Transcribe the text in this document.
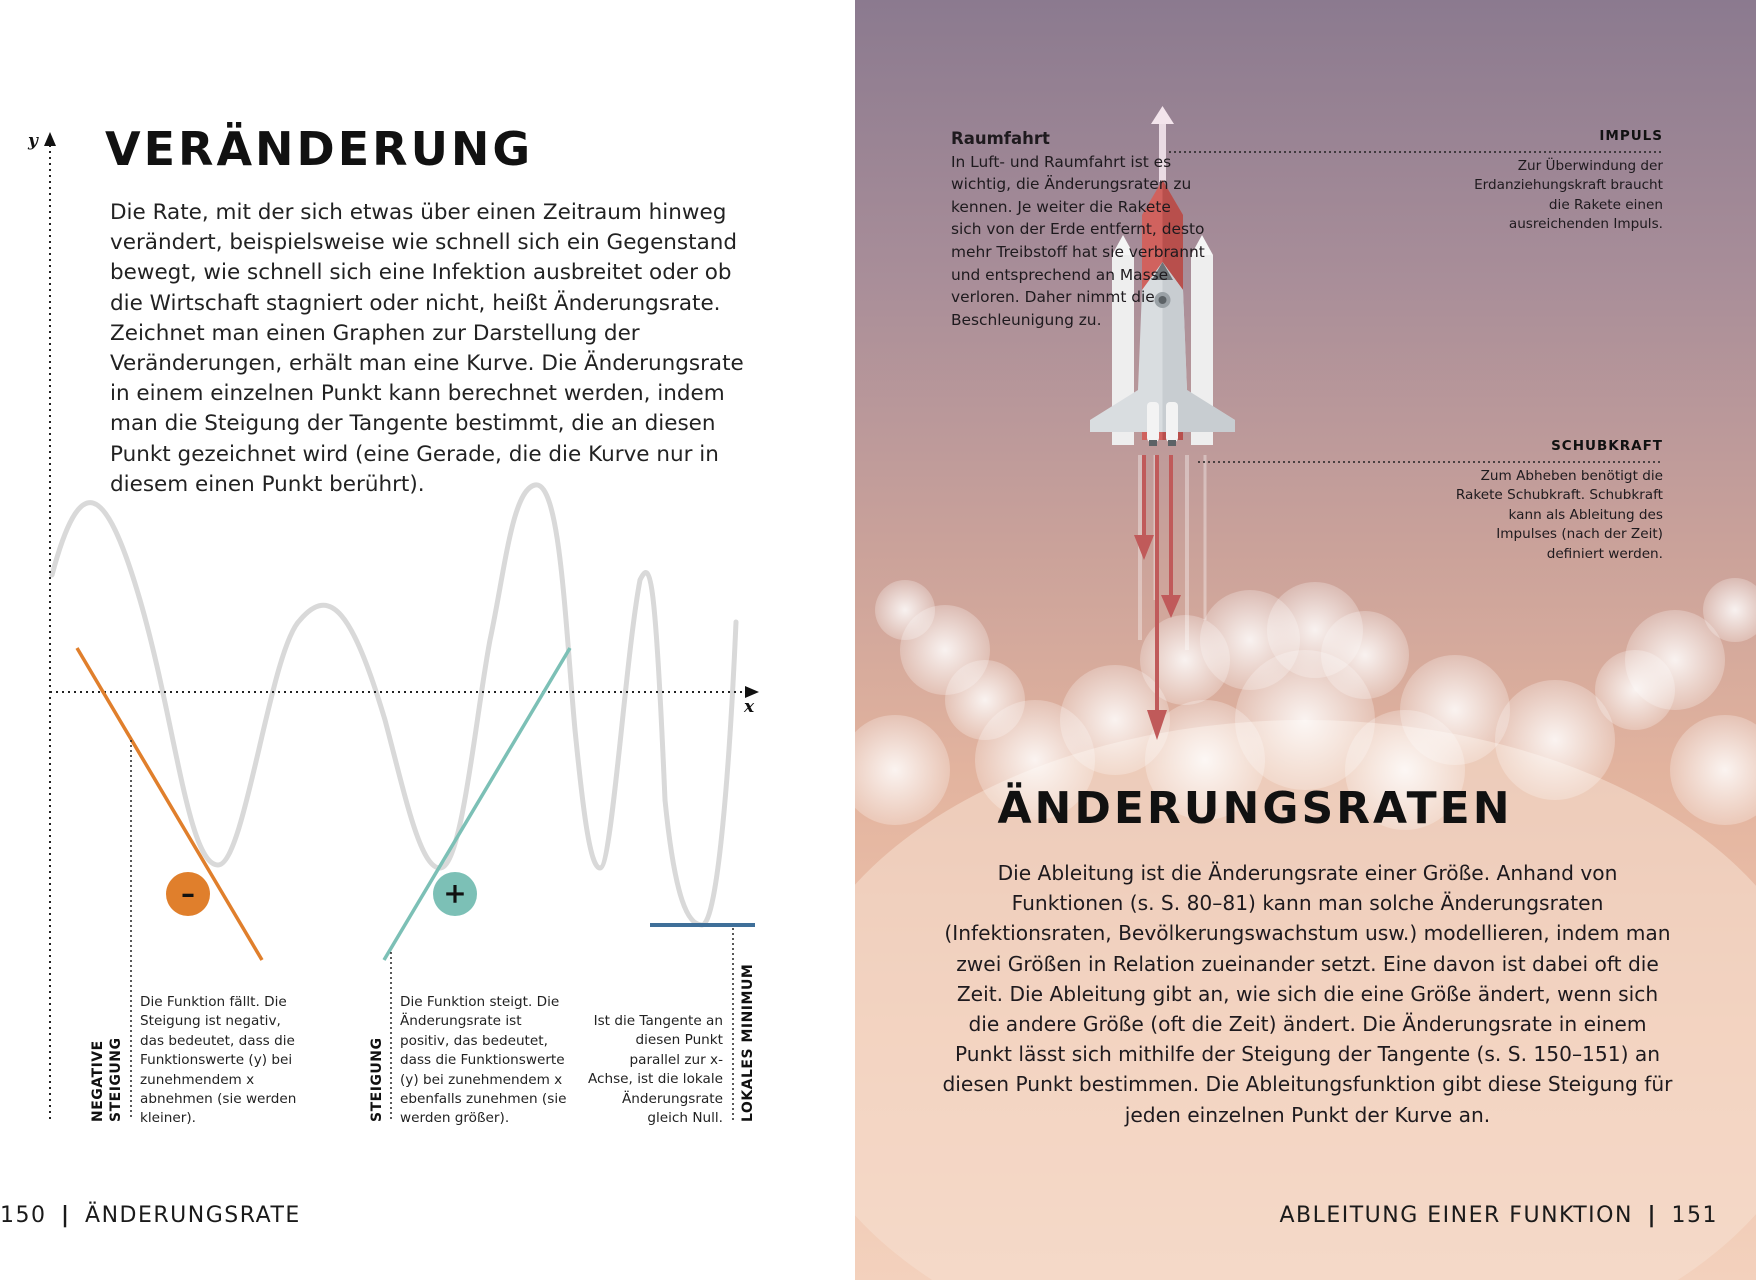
y
x
–	+
VERÄNDERUNG
Die Rate, mit der sich etwas über einen Zeitraum hinweg verändert, beispielsweise wie schnell sich ein Gegenstand bewegt, wie schnell sich eine Infektion ausbreitet oder ob die Wirtschaft stagniert oder nicht, heißt Änderungsrate. Zeichnet man einen Graphen zur Darstellung der Veränderungen, erhält man eine Kurve. Die Änderungsrate in einem einzelnen Punkt kann berechnet werden, indem man die Steigung der Tangente bestimmt, die an diesen Punkt gezeichnet wird (eine Gerade, die die Kurve nur in diesem einen Punkt berührt).
NEGATIVE STEIGUNG	STEIGUNG	LOKALES MINIMUM
Die Funktion fällt. Die Steigung ist negativ, das bedeutet, dass die Funktionswerte (y) bei zunehmendem x abnehmen (sie werden kleiner).
Die Funktion steigt. Die Änderungsrate ist positiv, das bedeutet, dass die Funktionswerte (y) bei zunehmendem x ebenfalls zunehmen (sie werden größer).
Ist die Tangente an diesen Punkt parallel zur x-Achse, ist die lokale Änderungsrate gleich Null.
150 | ÄNDERUNGSRATE
Raumfahrt
In Luft- und Raumfahrt ist es wichtig, die Änderungsraten zu kennen. Je weiter die Rakete sich von der Erde entfernt, desto mehr Treibstoff hat sie verbrannt und entsprechend an Masse verloren. Daher nimmt die Beschleunigung zu.
IMPULS
Zur Überwindung der Erdanziehungskraft braucht die Rakete einen ausreichenden Impuls.
SCHUBKRAFT
Zum Abheben benötigt die Rakete Schubkraft. Schubkraft kann als Ableitung des Impulses (nach der Zeit) definiert werden.
ÄNDERUNGSRATEN
Die Ableitung ist die Änderungsrate einer Größe. Anhand von Funktionen (s. S. 80–81) kann man solche Änderungsraten (Infektionsraten, Bevölkerungswachstum usw.) modellieren, indem man zwei Größen in Relation zueinander setzt. Eine davon ist dabei oft die Zeit. Die Ableitung gibt an, wie sich die eine Größe ändert, wenn sich die andere Größe (oft die Zeit) ändert. Die Änderungsrate in einem Punkt lässt sich mithilfe der Steigung der Tangente (s. S. 150–151) an diesen Punkt bestimmen. Die Ableitungsfunktion gibt diese Steigung für jeden einzelnen Punkt der Kurve an.
ABLEITUNG EINER FUNKTION | 151
